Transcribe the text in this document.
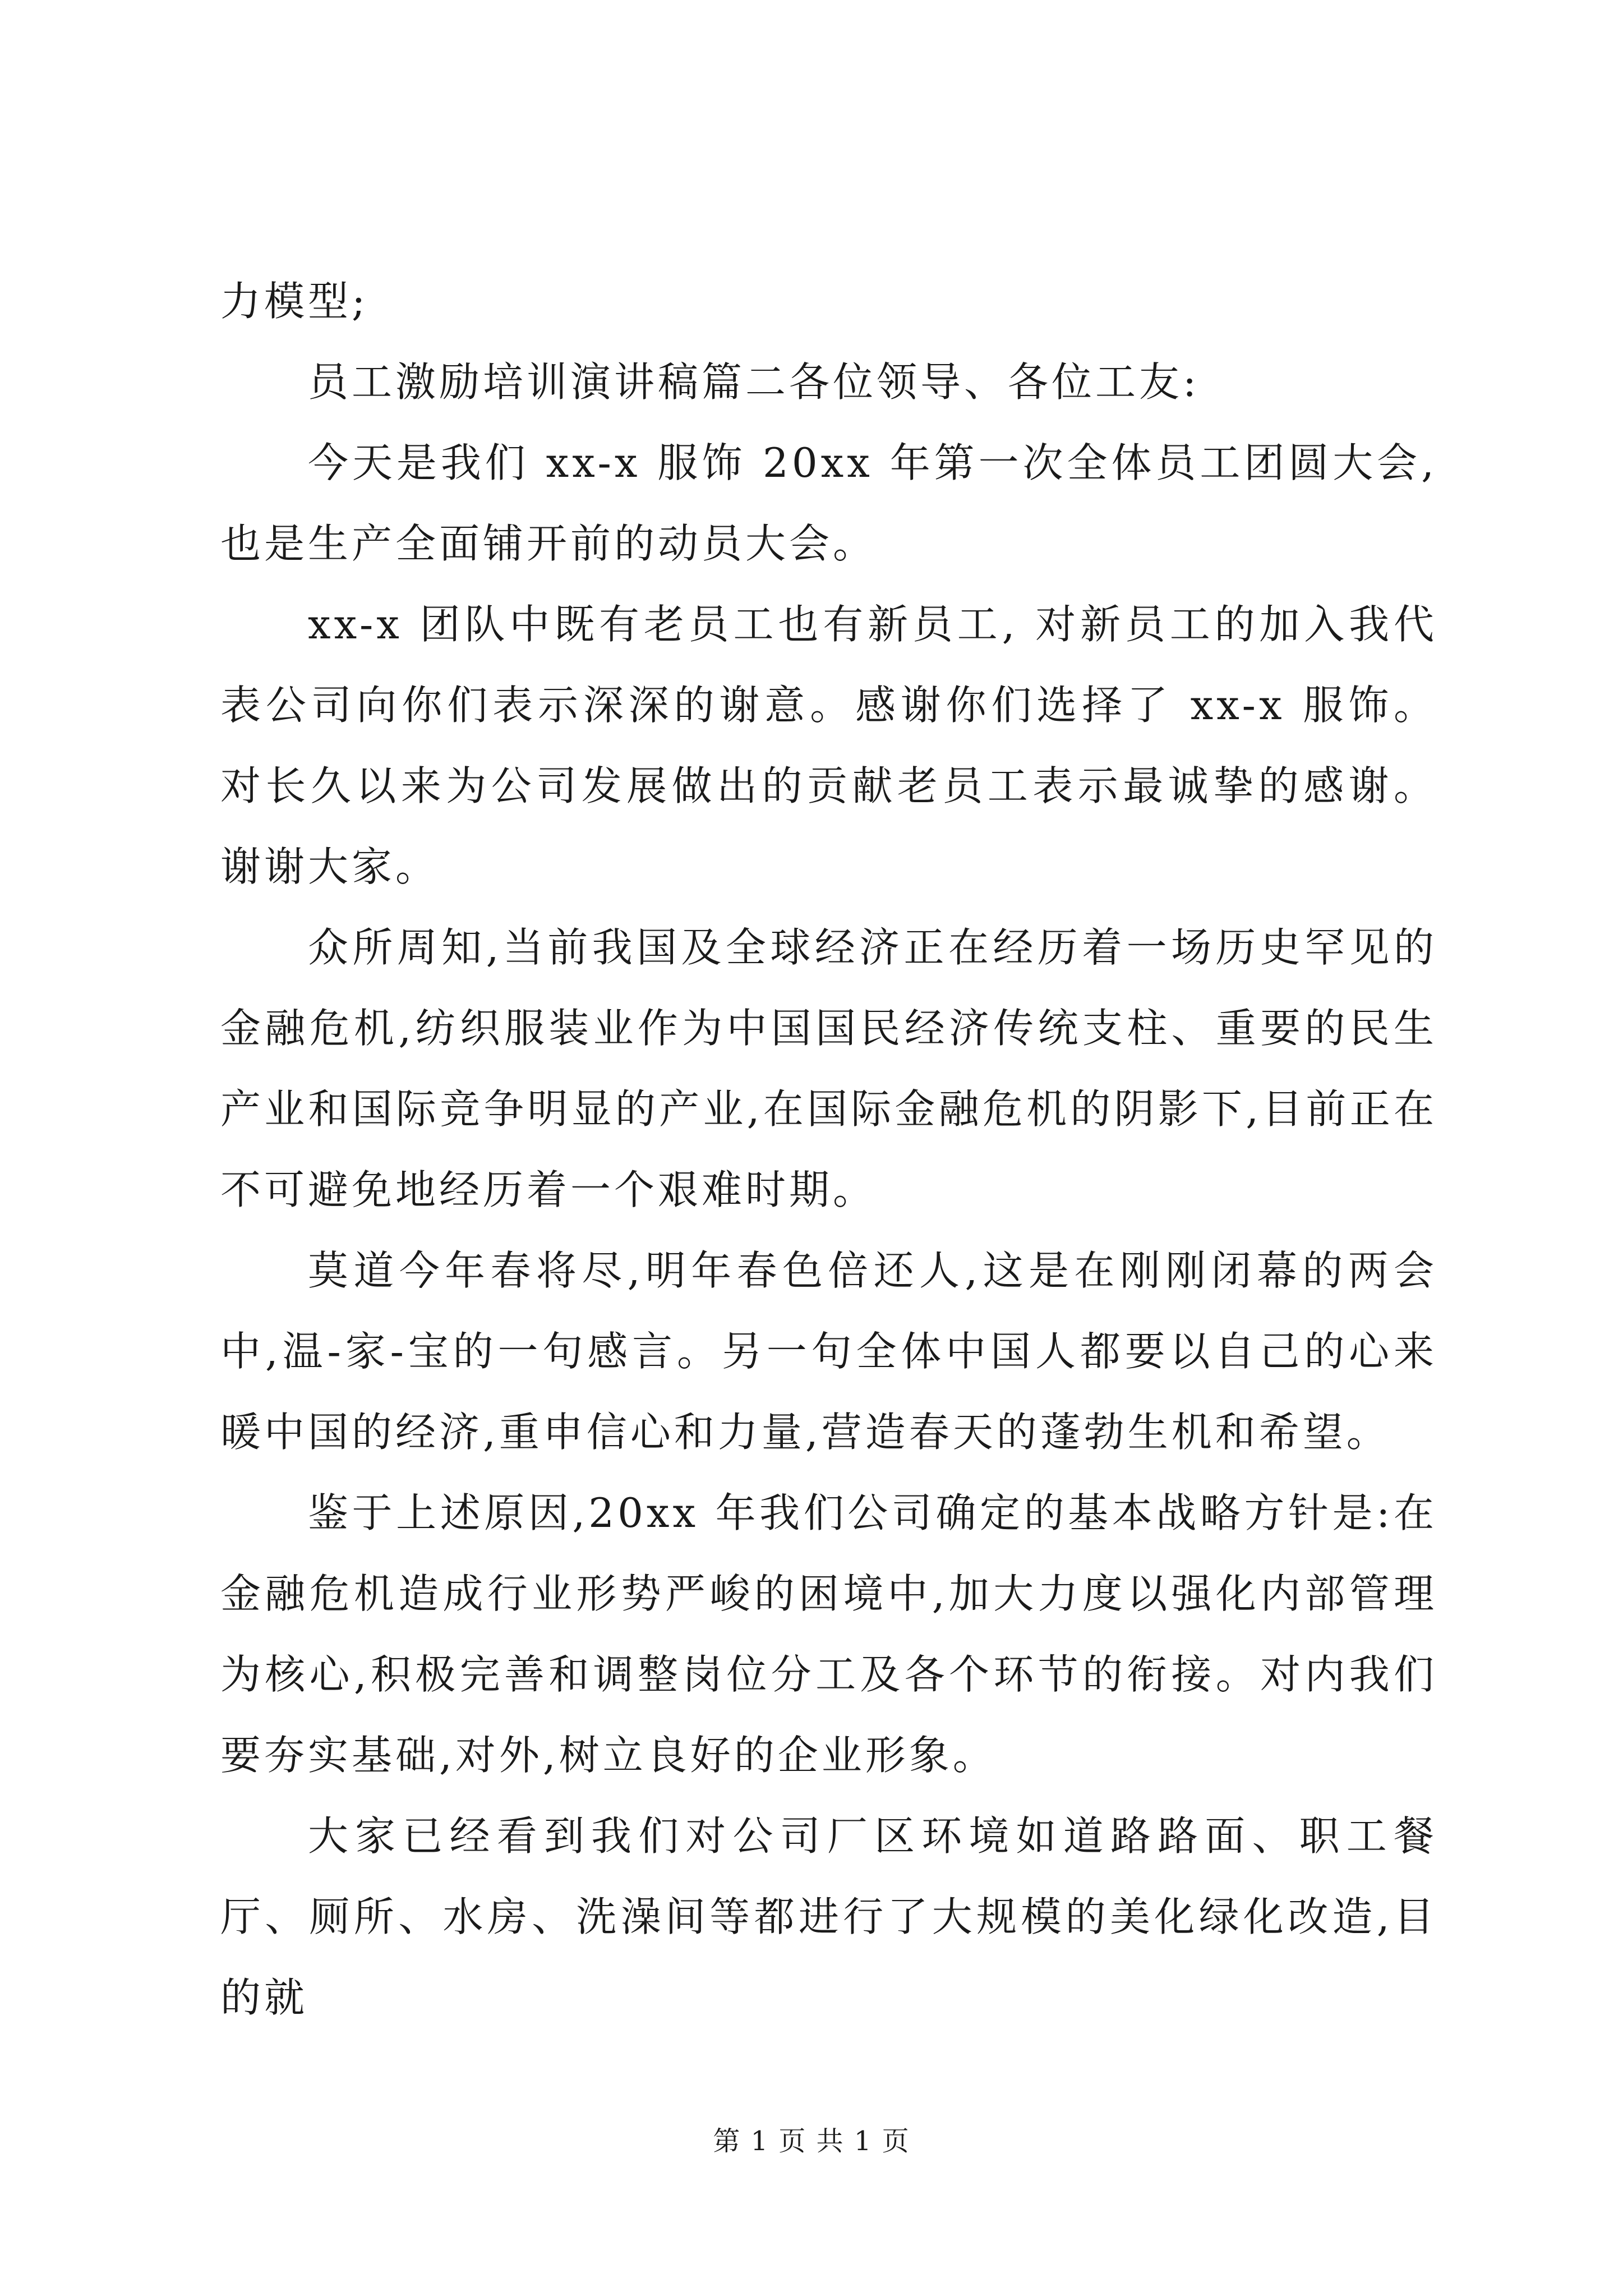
力模型;

员工激励培训演讲稿篇二各位领导、各位工友:

今天是我们 xx-x 服饰 20xx 年第一次全体员工团圆大会,也是生产全面铺开前的动员大会。

xx-x 团队中既有老员工也有新员工, 对新员工的加入我代表公司向你们表示深深的谢意。感谢你们选择了 xx-x 服饰。对长久以来为公司发展做出的贡献老员工表示最诚挚的感谢。谢谢大家。

众所周知,当前我国及全球经济正在经历着一场历史罕见的金融危机,纺织服装业作为中国国民经济传统支柱、重要的民生产业和国际竞争明显的产业,在国际金融危机的阴影下,目前正在不可避免地经历着一个艰难时期。

莫道今年春将尽,明年春色倍还人,这是在刚刚闭幕的两会中,温-家-宝的一句感言。另一句全体中国人都要以自己的心来暖中国的经济,重申信心和力量,营造春天的蓬勃生机和希望。

鉴于上述原因,20xx 年我们公司确定的基本战略方针是:在金融危机造成行业形势严峻的困境中,加大力度以强化内部管理为核心,积极完善和调整岗位分工及各个环节的衔接。对内我们要夯实基础,对外,树立良好的企业形象。

大家已经看到我们对公司厂区环境如道路路面、职工餐厅、厕所、水房、洗澡间等都进行了大规模的美化绿化改造,目的就

第 1 页 共 1 页
